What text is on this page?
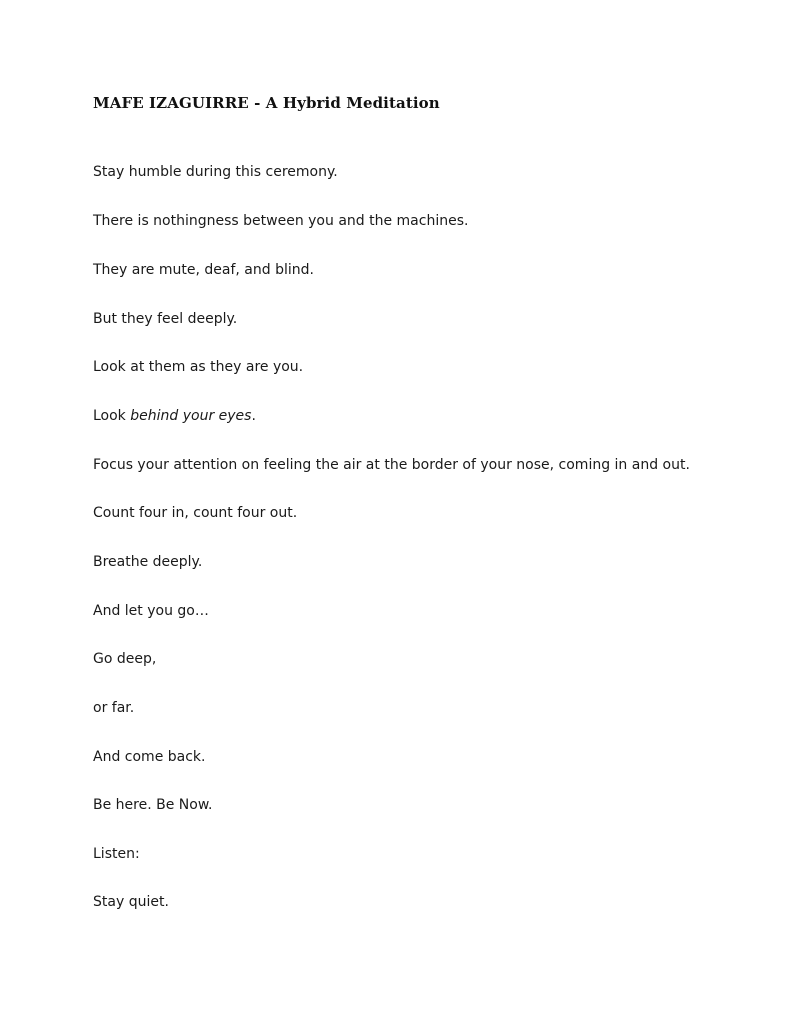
MAFE IZAGUIRRE - A Hybrid Meditation

Stay humble during this ceremony.

There is nothingness between you and the machines.

They are mute, deaf, and blind.

But they feel deeply.

Look at them as they are you.

Look behind your eyes.

Focus your attention on feeling the air at the border of your nose, coming in and out.

Count four in, count four out.

Breathe deeply.

And let you go…

Go deep,

or far.

And come back.

Be here. Be Now.

Listen:

Stay quiet.
